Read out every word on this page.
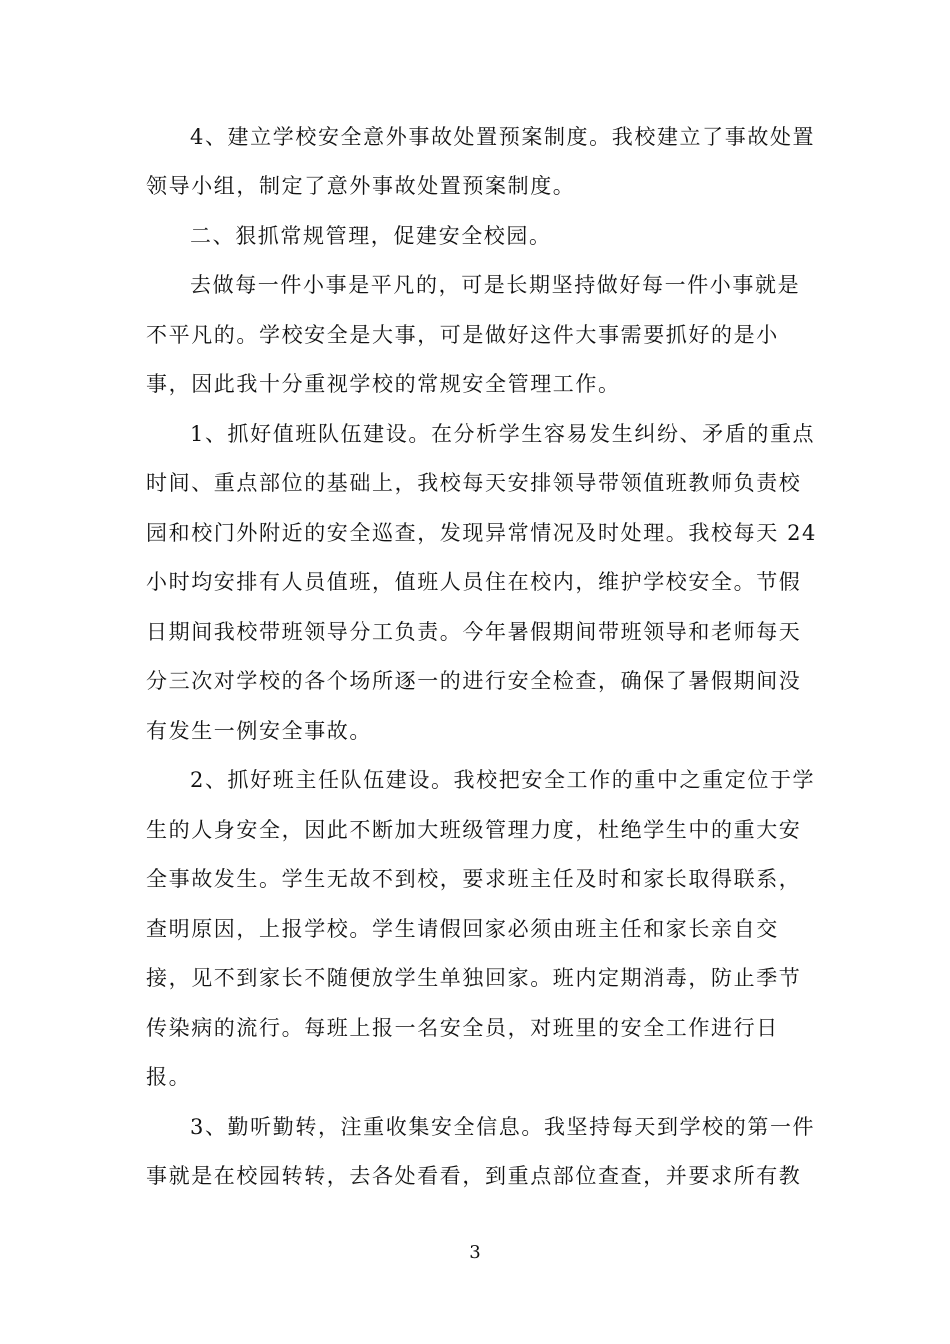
4、建立学校安全意外事故处置预案制度。我校建立了事故处置
领导小组，制定了意外事故处置预案制度。
二、狠抓常规管理，促建安全校园。
去做每一件小事是平凡的，可是长期坚持做好每一件小事就是
不平凡的。学校安全是大事，可是做好这件大事需要抓好的是小
事，因此我十分重视学校的常规安全管理工作。
1、抓好值班队伍建设。在分析学生容易发生纠纷、矛盾的重点
时间、重点部位的基础上，我校每天安排领导带领值班教师负责校
园和校门外附近的安全巡查，发现异常情况及时处理。我校每天 24
小时均安排有人员值班，值班人员住在校内，维护学校安全。节假
日期间我校带班领导分工负责。今年暑假期间带班领导和老师每天
分三次对学校的各个场所逐一的进行安全检查，确保了暑假期间没
有发生一例安全事故。
2、抓好班主任队伍建设。我校把安全工作的重中之重定位于学
生的人身安全，因此不断加大班级管理力度，杜绝学生中的重大安
全事故发生。学生无故不到校，要求班主任及时和家长取得联系，
查明原因，上报学校。学生请假回家必须由班主任和家长亲自交
接，见不到家长不随便放学生单独回家。班内定期消毒，防止季节
传染病的流行。每班上报一名安全员，对班里的安全工作进行日
报。
3、勤听勤转，注重收集安全信息。我坚持每天到学校的第一件
事就是在校园转转，去各处看看，到重点部位查查，并要求所有教
3
